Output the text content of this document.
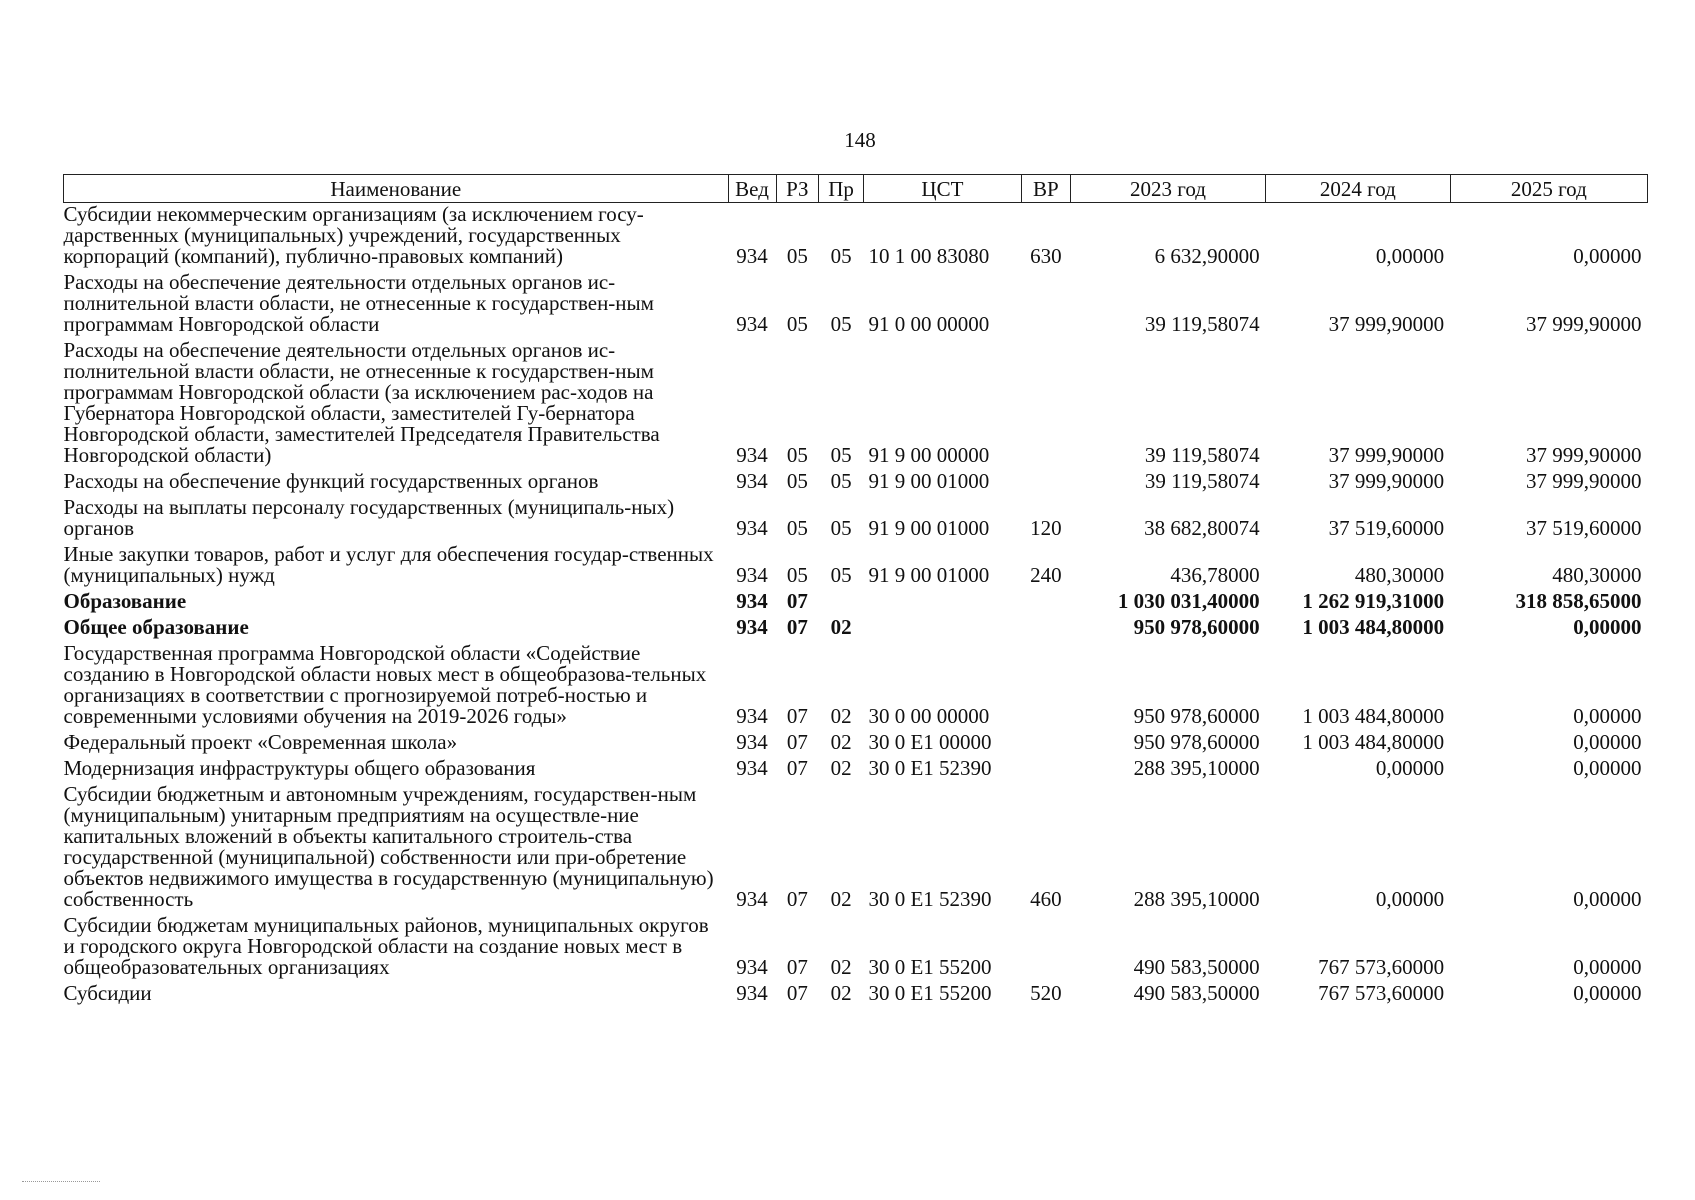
148
Наименование	Вед	РЗ	Пр	ЦСТ	ВР	2023 год	2024 год	2025 год
Субсидии некоммерческим организациям (за исключением госу-дарственных (муниципальных) учреждений, государственных корпораций (компаний), публично-правовых компаний)	934	05	05	10 1 00 83080	630	6 632,90000	0,00000	0,00000
Расходы на обеспечение деятельности отдельных органов ис-полнительной власти области, не отнесенные к государствен-ным программам Новгородской области	934	05	05	91 0 00 00000		39 119,58074	37 999,90000	37 999,90000
Расходы на обеспечение деятельности отдельных органов ис-полнительной власти области, не отнесенные к государствен-ным программам Новгородской области (за исключением рас-ходов на Губернатора Новгородской области, заместителей Гу-бернатора Новгородской области, заместителей Председателя Правительства Новгородской области)	934	05	05	91 9 00 00000		39 119,58074	37 999,90000	37 999,90000
Расходы на обеспечение функций государственных органов	934	05	05	91 9 00 01000		39 119,58074	37 999,90000	37 999,90000
Расходы на выплаты персоналу государственных (муниципаль-ных) органов	934	05	05	91 9 00 01000	120	38 682,80074	37 519,60000	37 519,60000
Иные закупки товаров, работ и услуг для обеспечения государ-ственных (муниципальных) нужд	934	05	05	91 9 00 01000	240	436,78000	480,30000	480,30000
Образование	934	07				1 030 031,40000	1 262 919,31000	318 858,65000
Общее образование	934	07	02			950 978,60000	1 003 484,80000	0,00000
Государственная программа Новгородской области «Содействие созданию в Новгородской области новых мест в общеобразова-тельных организациях в соответствии с прогнозируемой потреб-ностью и современными условиями обучения на 2019-2026 годы»	934	07	02	30 0 00 00000		950 978,60000	1 003 484,80000	0,00000
Федеральный проект «Современная школа»	934	07	02	30 0 E1 00000		950 978,60000	1 003 484,80000	0,00000
Модернизация инфраструктуры общего образования	934	07	02	30 0 E1 52390		288 395,10000	0,00000	0,00000
Субсидии бюджетным и автономным учреждениям, государствен-ным (муниципальным) унитарным предприятиям на осуществле-ние капитальных вложений в объекты капитального строитель-ства государственной (муниципальной) собственности или при-обретение объектов недвижимого имущества в государственную (муниципальную) собственность	934	07	02	30 0 E1 52390	460	288 395,10000	0,00000	0,00000
Субсидии бюджетам муниципальных районов, муниципальных округов и городского округа Новгородской области на создание новых мест в общеобразовательных организациях	934	07	02	30 0 E1 55200		490 583,50000	767 573,60000	0,00000
Субсидии	934	07	02	30 0 E1 55200	520	490 583,50000	767 573,60000	0,00000
